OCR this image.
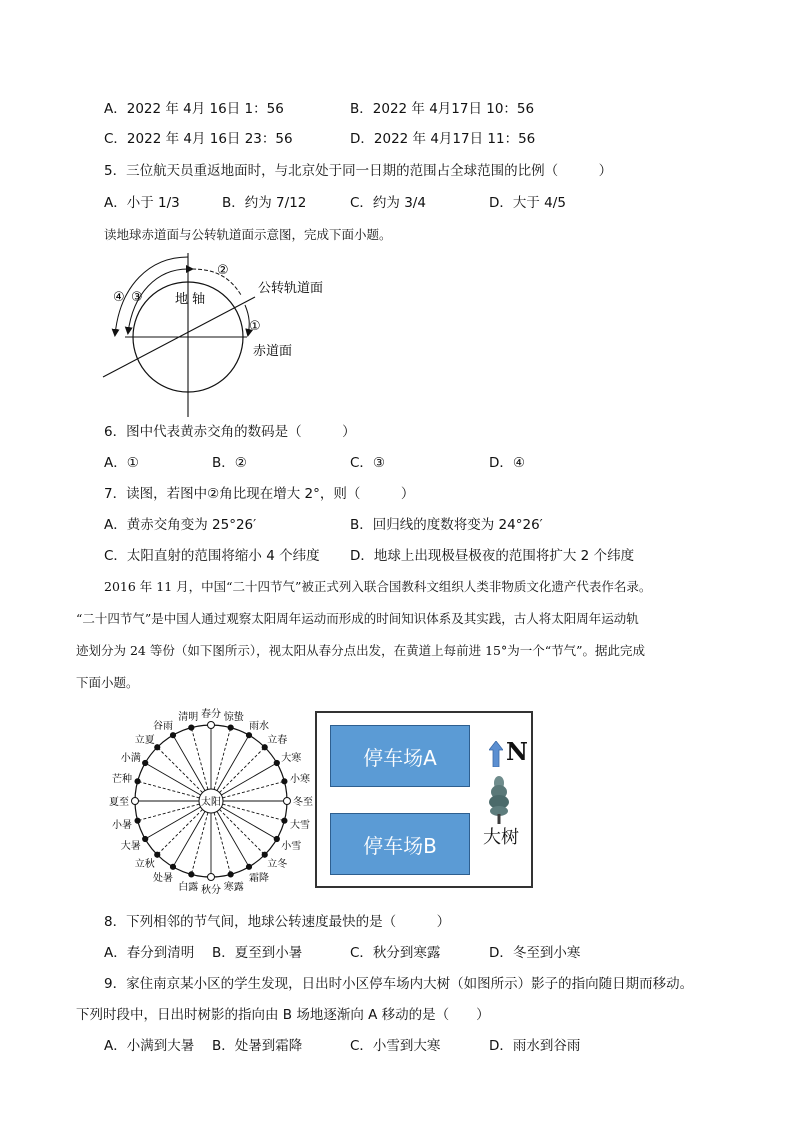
A．2022 年 4月 16日 1：56	B．2022 年 4月17日 10：56
C．2022 年 4月 16日 23：56	D．2022 年 4月17日 11：56
5．三位航天员重返地面时，与北京处于同一日期的范围占全球范围的比例（　　　）
A．小于 1/3	B．约为 7/12	C．约为 3/4	D．大于 4/5
读地球赤道面与公转轨道面示意图，完成下面小题。
地 轴
公转轨道面
赤道面
①
②
③
④
6．图中代表黄赤交角的数码是（　　　）
A．①	B．②	C．③	D．④
7．读图，若图中②角比现在增大 2°，则（　　　）
A．黄赤交角变为 25°26′	B．回归线的度数将变为 24°26′
C．太阳直射的范围将缩小 4 个纬度 D．地球上出现极昼极夜的范围将扩大 2 个纬度
2016 年 11 月，中国“二十四节气”被正式列入联合国教科文组织人类非物质文化遗产代表作名录。
“二十四节气”是中国人通过观察太阳周年运动而形成的时间知识体系及其实践，古人将太阳周年运动轨
迹划分为 24 等份（如下图所示），视太阳从春分点出发，在黄道上每前进 15°为一个“节气”。据此完成
下面小题。
太阳
春分 惊蛰
雨水
立春
大寒
小寒
冬至
大雪
小雪
立冬
霜降
寒露
秋分
白露
处暑
立秋
大暑
小暑
夏至
芒种
小满
立夏
谷雨
清明
停车场A
停车场B
N
大树
8．下列相邻的节气间，地球公转速度最快的是（　　　）
A．春分到清明 B．夏至到小暑	C．秋分到寒露	D．冬至到小寒
9．家住南京某小区的学生发现，日出时小区停车场内大树（如图所示）影子的指向随日期而移动。
下列时段中，日出时树影的指向由 B 场地逐渐向 A 移动的是（　　）
A．小满到大暑 B．处暑到霜降	C．小雪到大寒	D．雨水到谷雨
